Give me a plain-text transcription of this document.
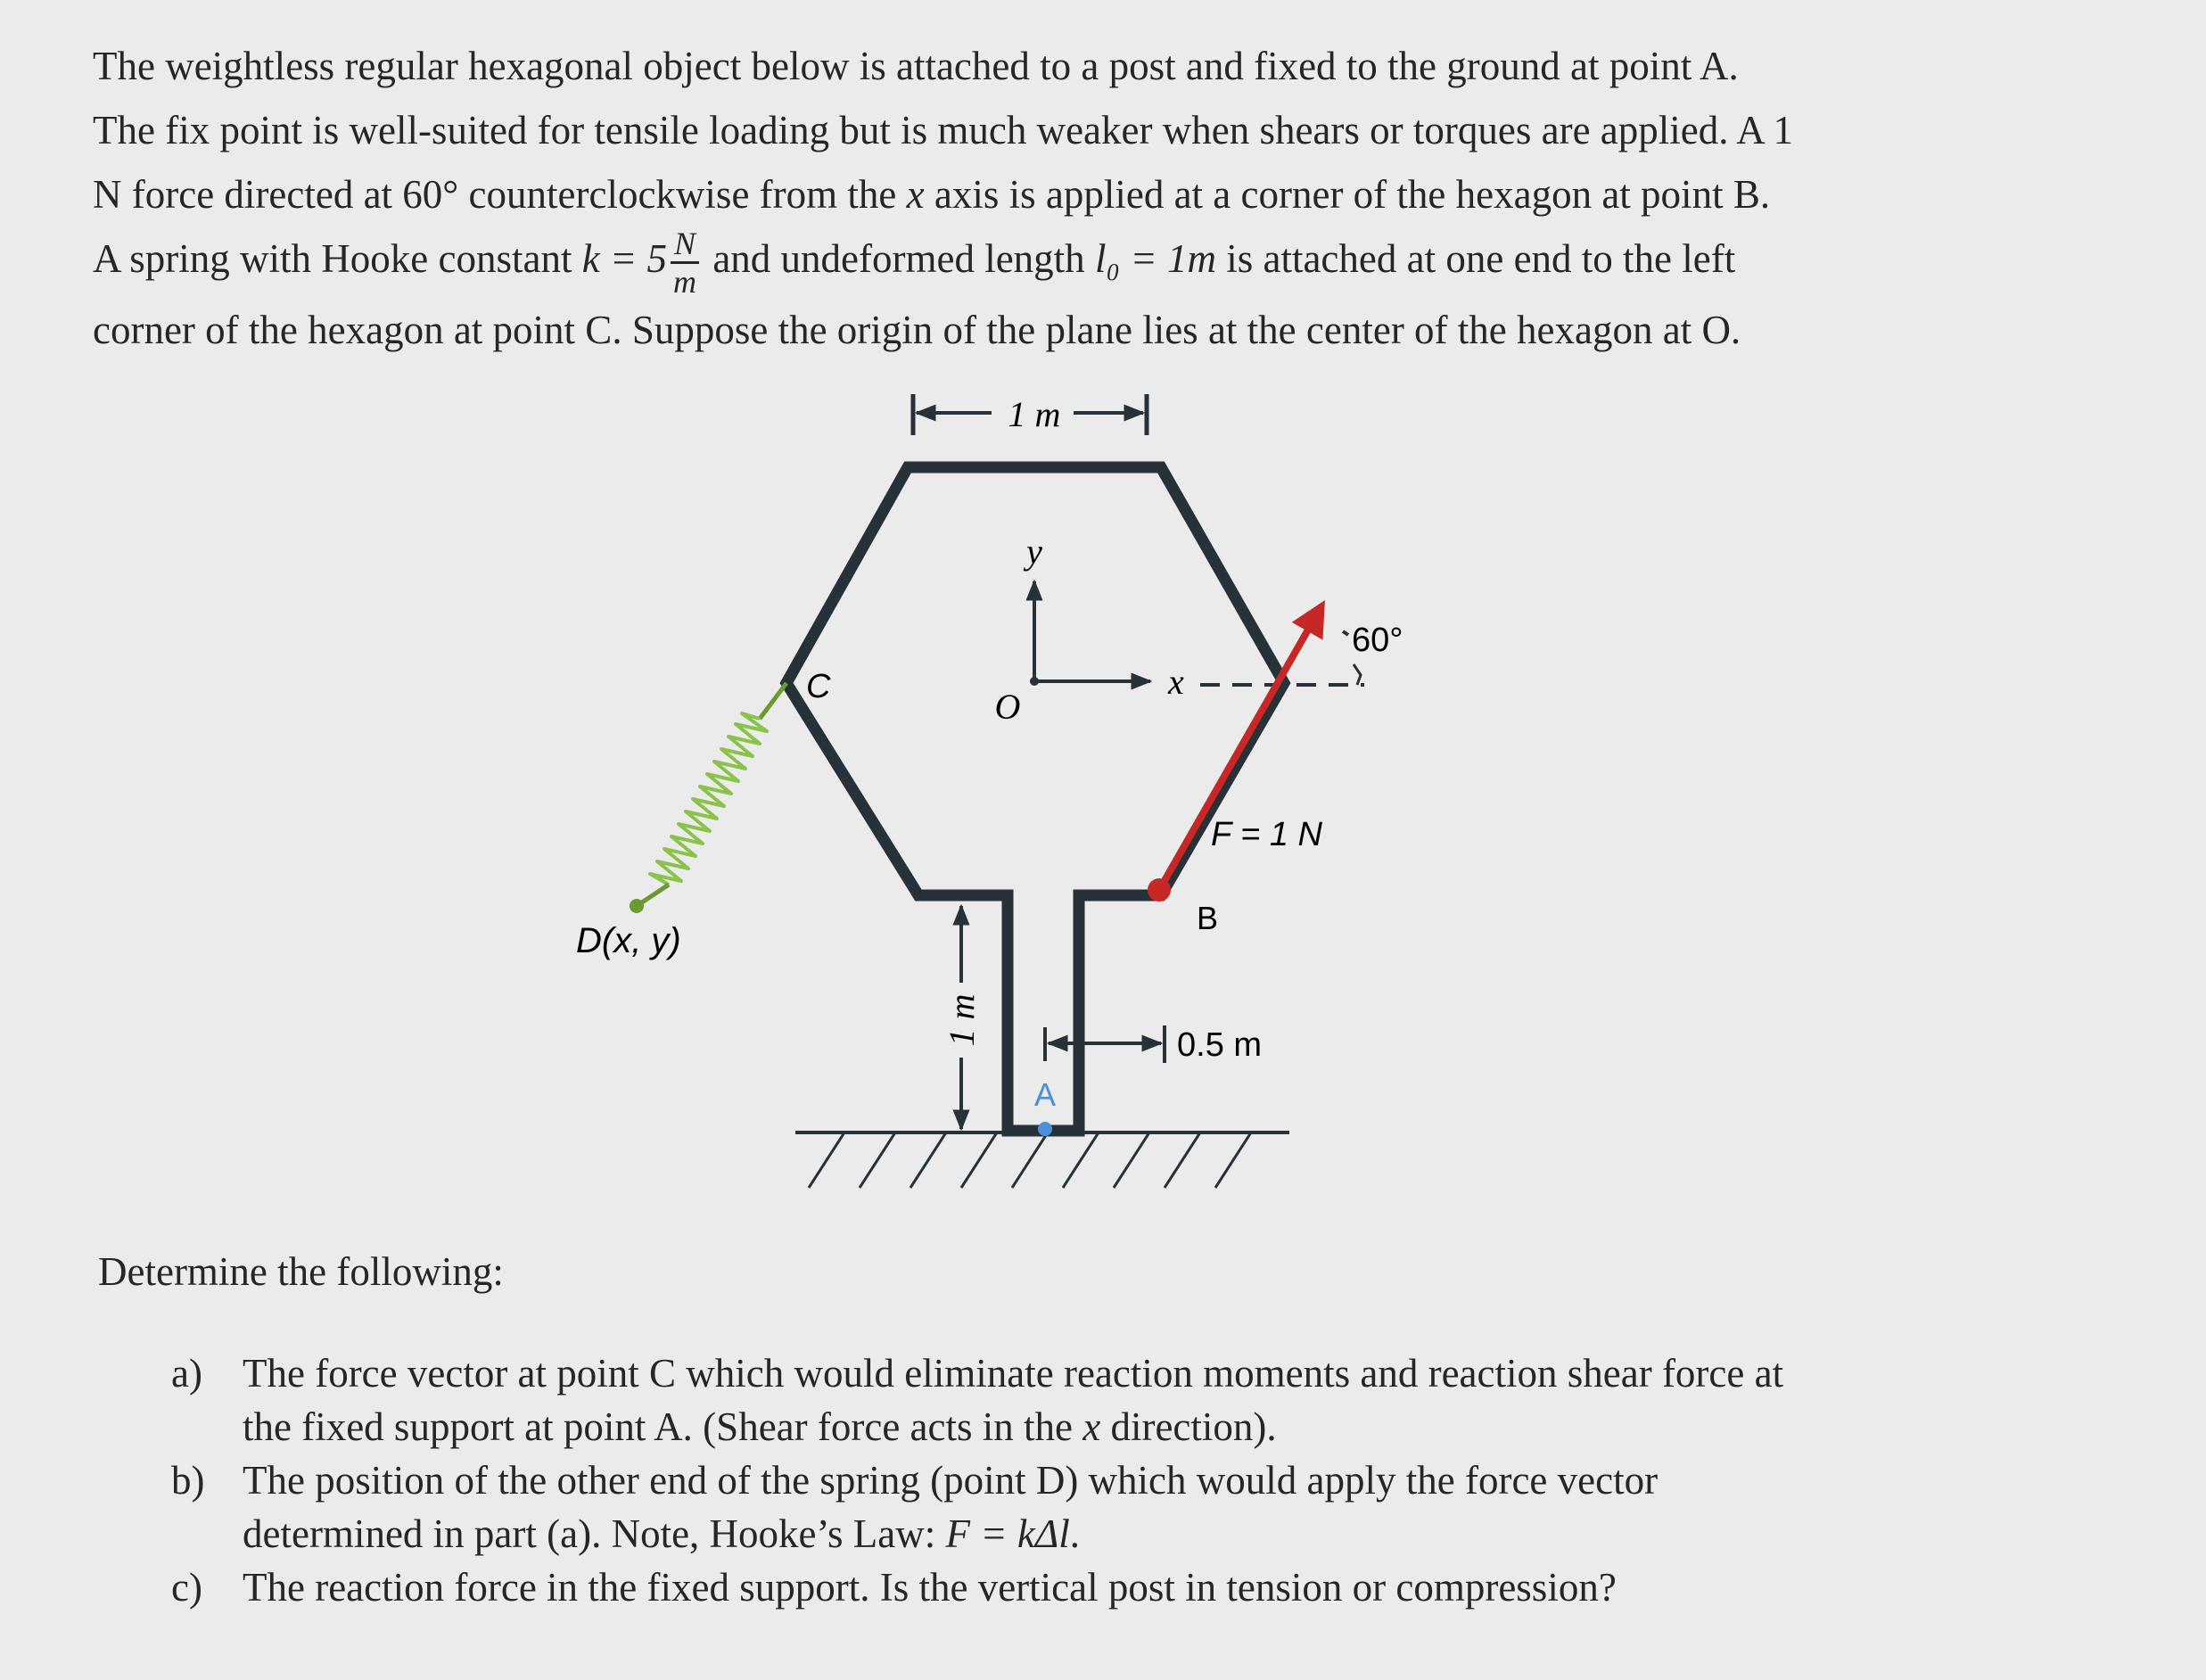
The weightless regular hexagonal object below is attached to a post and fixed to the ground at point A.
The fix point is well-suited for tensile loading but is much weaker when shears or torques are applied. A 1
N force directed at 60° counterclockwise from the x axis is applied at a corner of the hexagon at point B.
A spring with Hooke constant $k = 5 \frac{N}{m}$ and undeformed length l₀ = 1m is attached at one end to the left
corner of the hexagon at point C. Suppose the origin of the plane lies at the center of the hexagon at O.
1 m
A
y
x
O
60°
F = 1 N
B
C
D(x, y)
1 m	0.5 m
Determine the following:
a) The force vector at point C which would eliminate reaction moments and reaction shear force at
the fixed support at point A. (Shear force acts in the x direction).
b) The position of the other end of the spring (point D) which would apply the force vector
determined in part (a). Note, Hooke’s Law: F = kΔl.
c) The reaction force in the fixed support. Is the vertical post in tension or compression?
